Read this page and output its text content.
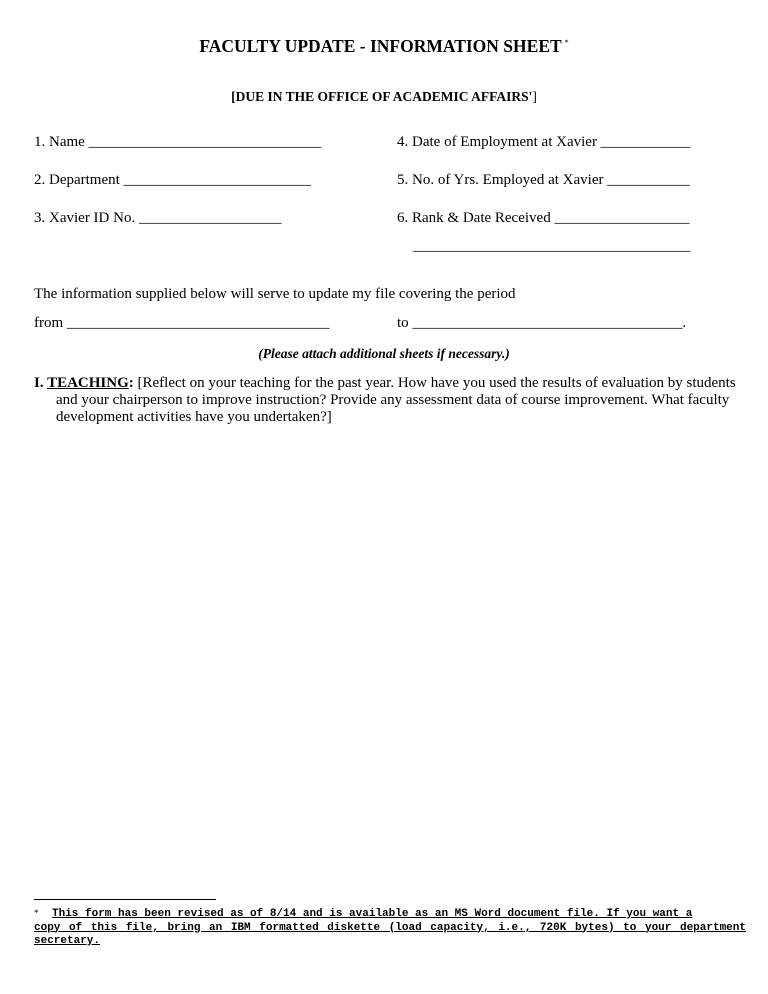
FACULTY UPDATE - INFORMATION SHEET *
[DUE IN THE OFFICE OF ACADEMIC AFFAIRS']
1. Name _______________________________	4. Date of Employment at Xavier ____________
2. Department _________________________	5. No. of Yrs. Employed at Xavier ___________
3. Xavier ID No. ___________________	6. Rank & Date Received __________________
_____________________________________
The information supplied below will serve to update my file covering the period
from ___________________________________	to ____________________________________.
(Please attach additional sheets if necessary.)
I. TEACHING: [Reflect on your teaching for the past year. How have you used the results of evaluation by students
and your chairperson to improve instruction? Provide any assessment data of course improvement. What faculty development activities have you undertaken?]
* This form has been revised as of 8/14 and is available as an MS Word document file. If you want a
copy of this file, bring an IBM formatted diskette (load capacity, i.e., 720K bytes) to your department secretary.
